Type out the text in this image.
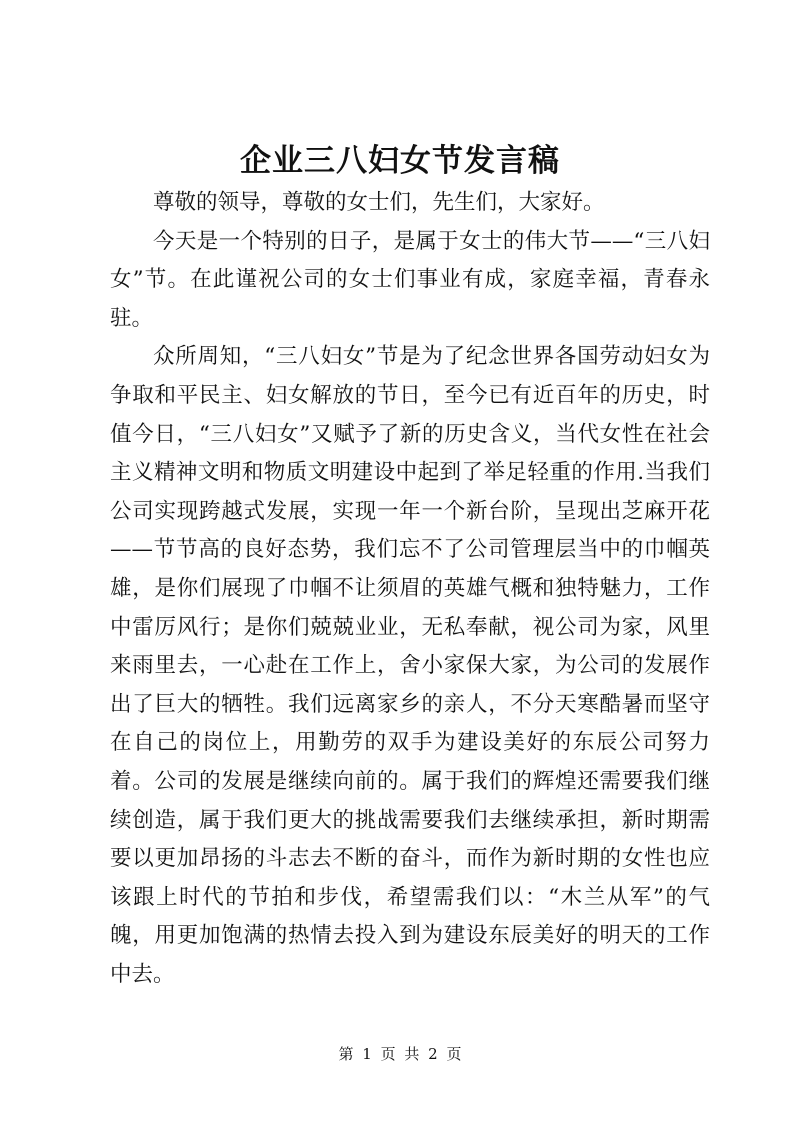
企业三八妇女节发言稿

尊敬的领导，尊敬的女士们，先生们，大家好。

今天是一个特别的日子，是属于女士的伟大节——“三八妇女”节。在此谨祝公司的女士们事业有成，家庭幸福，青春永驻。

众所周知，“三八妇女”节是为了纪念世界各国劳动妇女为争取和平民主、妇女解放的节日，至今已有近百年的历史，时值今日，“三八妇女”又赋予了新的历史含义，当代女性在社会主义精神文明和物质文明建设中起到了举足轻重的作用.当我们公司实现跨越式发展，实现一年一个新台阶，呈现出芝麻开花——节节高的良好态势，我们忘不了公司管理层当中的巾帼英雄，是你们展现了巾帼不让须眉的英雄气概和独特魅力，工作中雷厉风行；是你们兢兢业业，无私奉献，视公司为家，风里来雨里去，一心赴在工作上，舍小家保大家，为公司的发展作出了巨大的牺牲。我们远离家乡的亲人，不分天寒酷暑而坚守在自己的岗位上，用勤劳的双手为建设美好的东辰公司努力着。公司的发展是继续向前的。属于我们的辉煌还需要我们继续创造，属于我们更大的挑战需要我们去继续承担，新时期需要以更加昂扬的斗志去不断的奋斗，而作为新时期的女性也应该跟上时代的节拍和步伐，希望需我们以：“木兰从军”的气魄，用更加饱满的热情去投入到为建设东辰美好的明天的工作中去。

第 1 页 共 2 页
